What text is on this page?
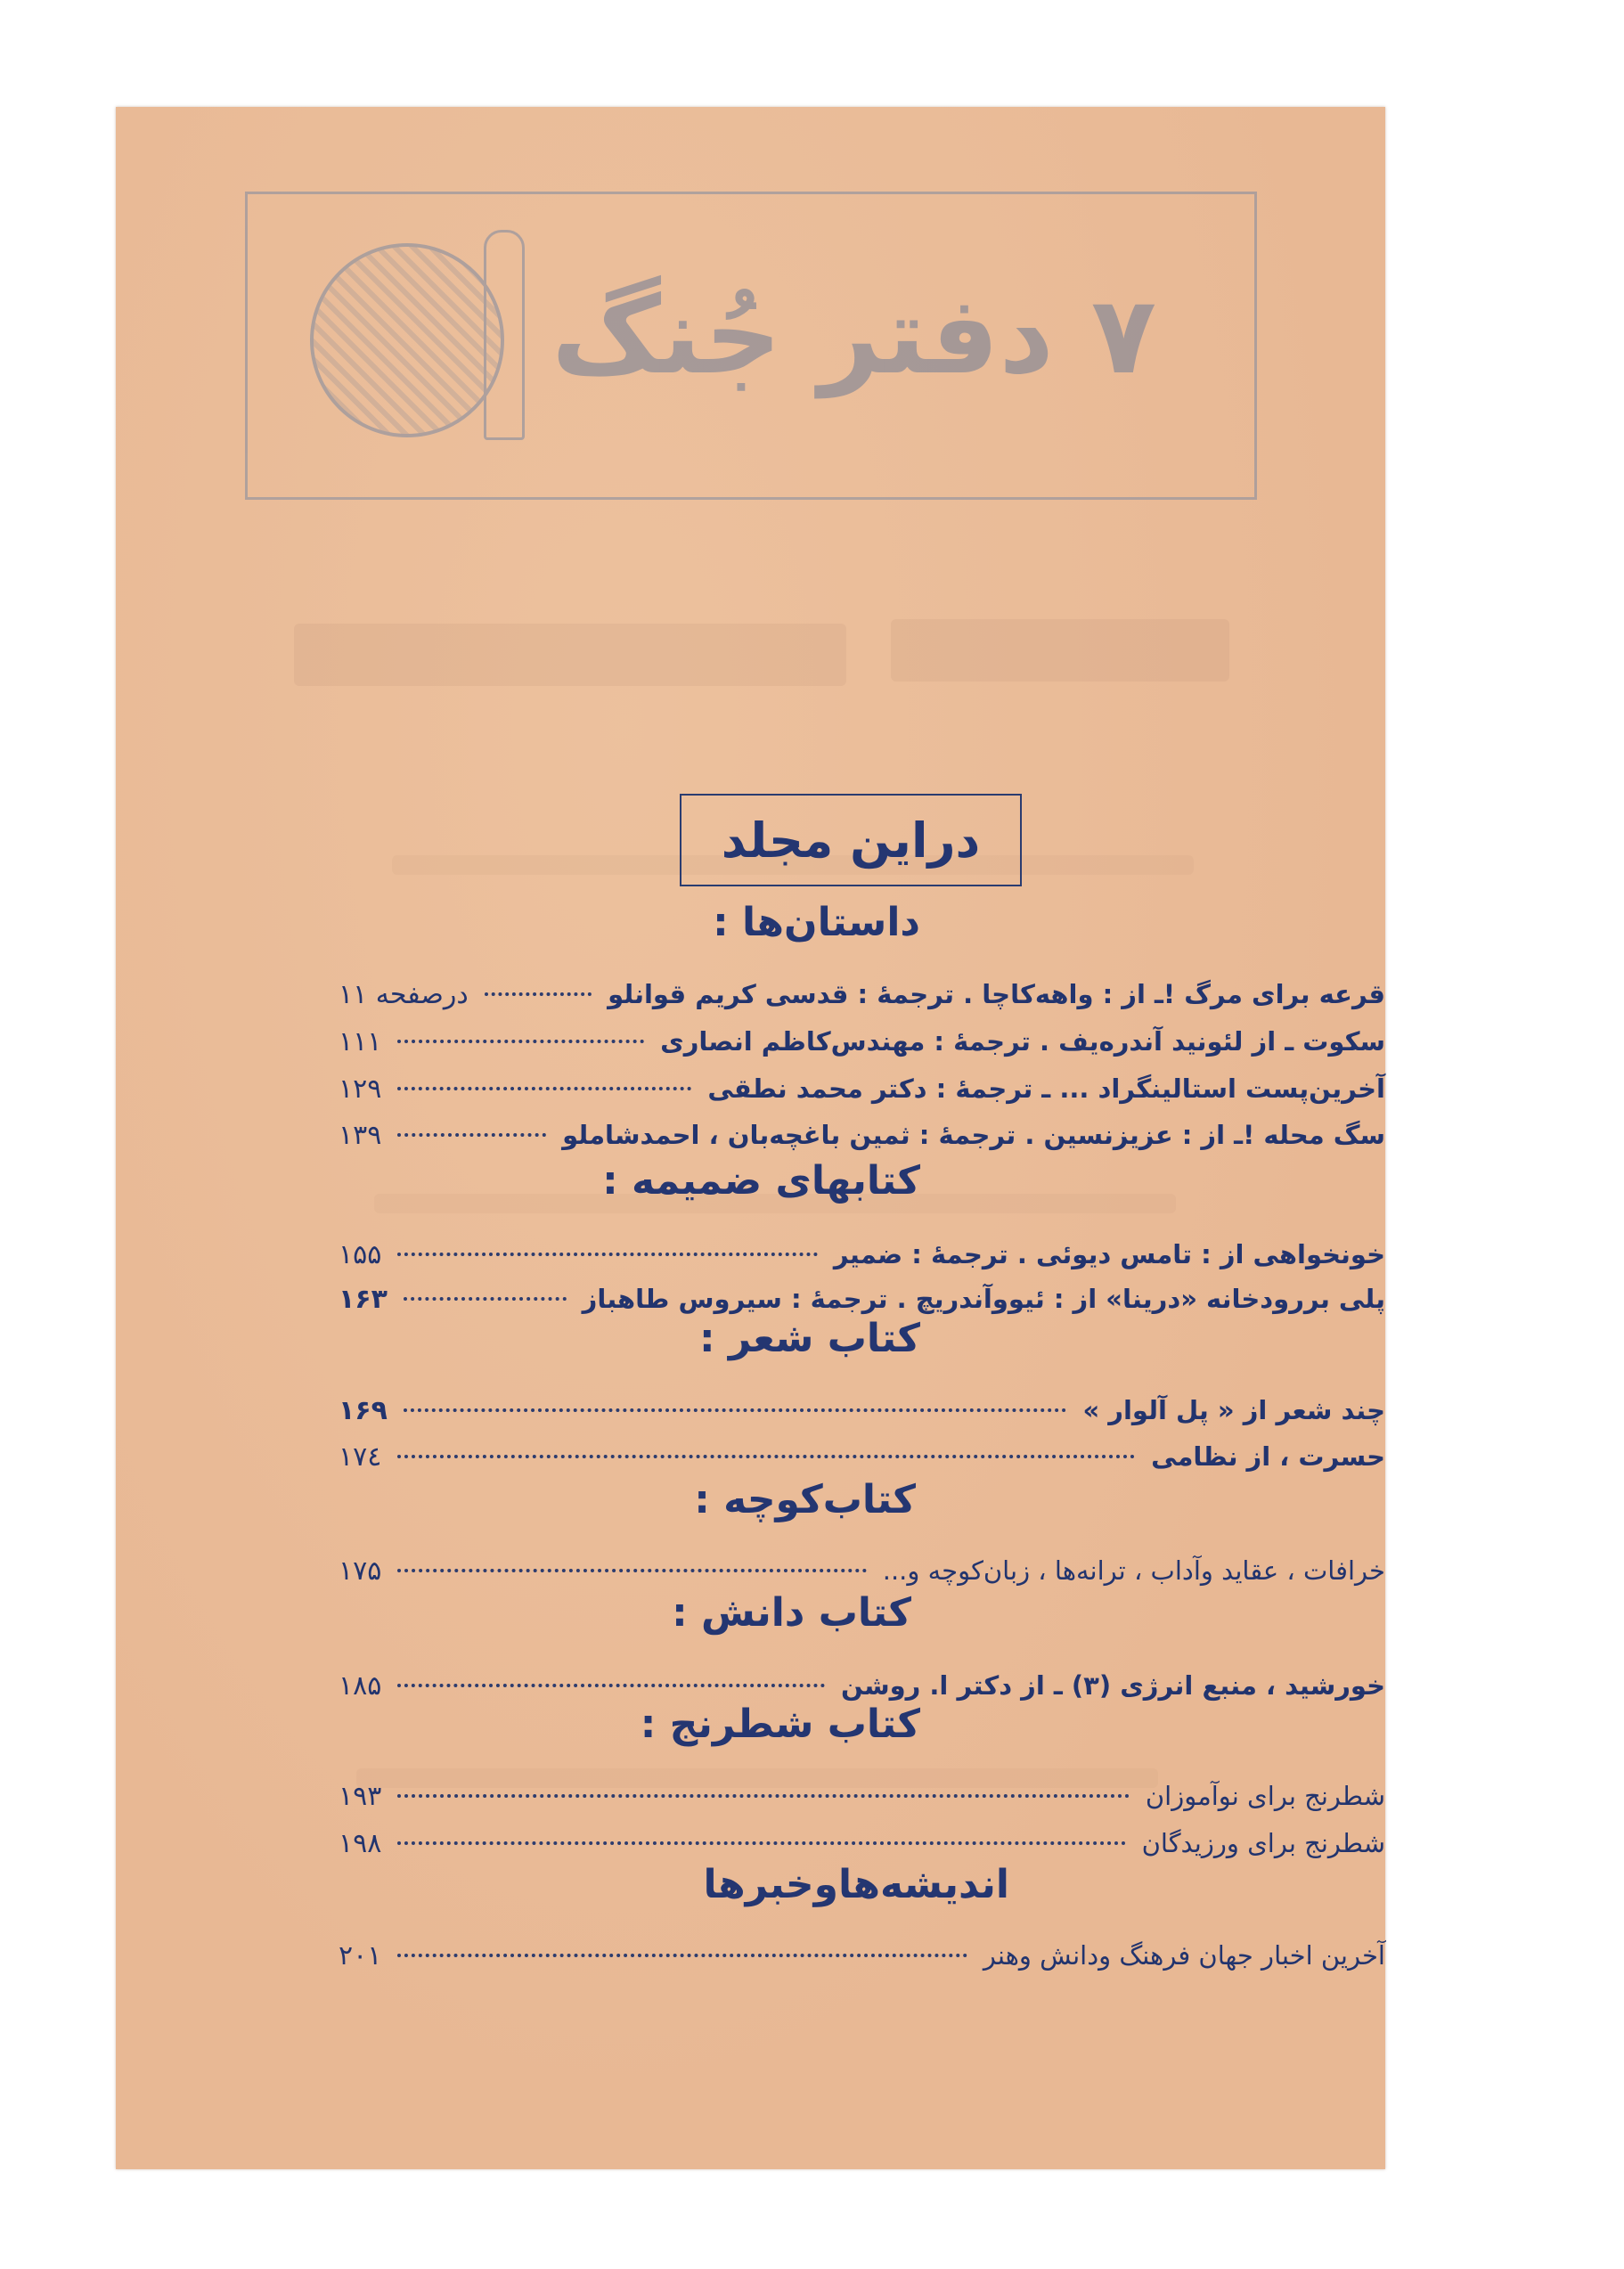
۷ دفتر جُنگ
دراین مجلد
داستان‌ها :
قرعه برای مرگ !ـ از : واهه‌کاچا . ترجمهٔ : قدسی کریم قوانلو
درصفحه ۱۱
سکوت ـ از لئونید آندره‌یف . ترجمهٔ : مهندس‌کاظم انصاری
۱۱۱
آخرین‌پست استالینگراد ... ـ ترجمهٔ : دکتر محمد نطقی
۱۲۹
سگ محله !ـ از : عزیزنسین . ترجمهٔ : ثمین باغچه‌بان ، احمدشاملو
۱۳۹
کتابهای ضمیمه :
خونخواهی از : تامس دیوئی . ترجمهٔ : ضمیر
۱۵۵
پلی بررودخانه «درینا» از : ئیووآندریچ . ترجمهٔ : سیروس طاهباز
۱۶۳
کتاب شعر :
چند شعر از « پل آلوار »
۱۶۹
حسرت ، از نظامی
۱۷٤
کتاب‌کوچه :
خرافات ، عقاید وآداب ، ترانه‌ها ، زبان‌کوچه و...
۱۷۵
کتاب دانش :
خورشید ، منبع انرژی (۳) ـ از دکتر ا. روشن
۱۸۵
کتاب شطرنج :
شطرنج برای نوآموزان
۱۹۳
شطرنج برای ورزیدگان
۱۹۸
اندیشه‌هاوخبرها
آخرین اخبار جهان فرهنگ ودانش وهنر
۲۰۱
